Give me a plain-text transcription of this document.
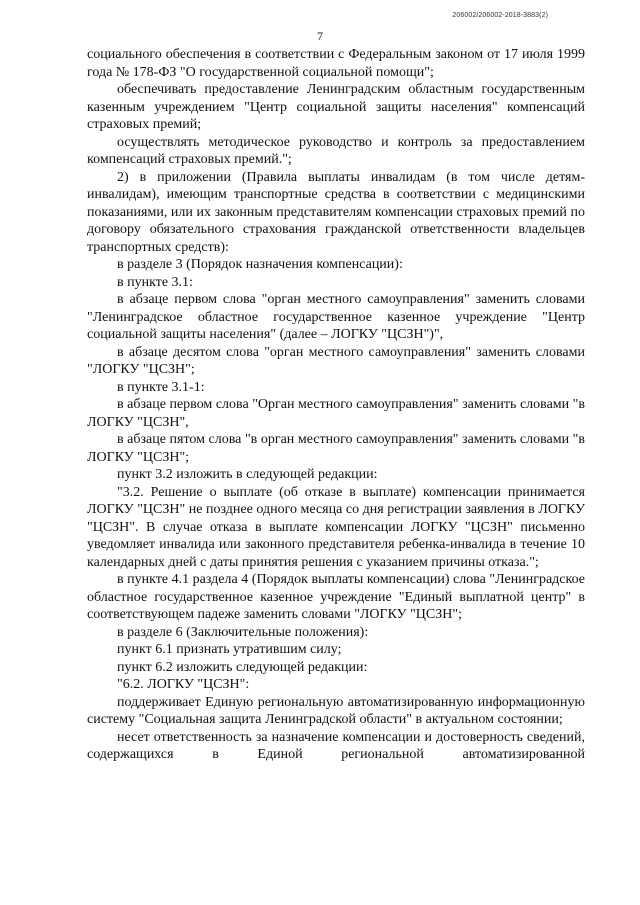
206002/206002-2018-3883(2)
7

социального обеспечения в соответствии с Федеральным законом от 17 июля 1999 года № 178-ФЗ "О государственной социальной помощи";

обеспечивать предоставление Ленинградским областным государственным казенным учреждением "Центр социальной защиты населения" компенсаций страховых премий;

осуществлять методическое руководство и контроль за предоставлением компенсаций страховых премий.";

2) в приложении (Правила выплаты инвалидам (в том числе детям-инвалидам), имеющим транспортные средства в соответствии с медицинскими показаниями, или их законным представителям компенсации страховых премий по договору обязательного страхования гражданской ответственности владельцев транспортных средств):

в разделе 3 (Порядок назначения компенсации):

в пункте 3.1:

в абзаце первом слова "орган местного самоуправления" заменить словами "Ленинградское областное государственное казенное учреждение "Центр социальной защиты населения" (далее – ЛОГКУ "ЦСЗН")",

в абзаце десятом слова "орган местного самоуправления" заменить словами "ЛОГКУ "ЦСЗН";

в пункте 3.1-1:

в абзаце первом слова "Орган местного самоуправления" заменить словами "в ЛОГКУ "ЦСЗН",

в абзаце пятом слова "в орган местного самоуправления" заменить словами "в ЛОГКУ "ЦСЗН";

пункт 3.2 изложить в следующей редакции:

"3.2. Решение о выплате (об отказе в выплате) компенсации принимается ЛОГКУ "ЦСЗН" не позднее одного месяца со дня регистрации заявления в ЛОГКУ "ЦСЗН". В случае отказа в выплате компенсации ЛОГКУ "ЦСЗН" письменно уведомляет инвалида или законного представителя ребенка-инвалида в течение 10 календарных дней с даты принятия решения с указанием причины отказа.";

в пункте 4.1 раздела 4 (Порядок выплаты компенсации) слова "Ленинградское областное государственное казенное учреждение "Единый выплатной центр" в соответствующем падеже заменить словами "ЛОГКУ "ЦСЗН";

в разделе 6 (Заключительные положения):

пункт 6.1 признать утратившим силу;

пункт 6.2 изложить следующей редакции:

"6.2. ЛОГКУ "ЦСЗН":

поддерживает Единую региональную автоматизированную информационную систему "Социальная защита Ленинградской области" в актуальном состоянии;

несет ответственность за назначение компенсации и достоверность сведений, содержащихся в Единой региональной автоматизированной
